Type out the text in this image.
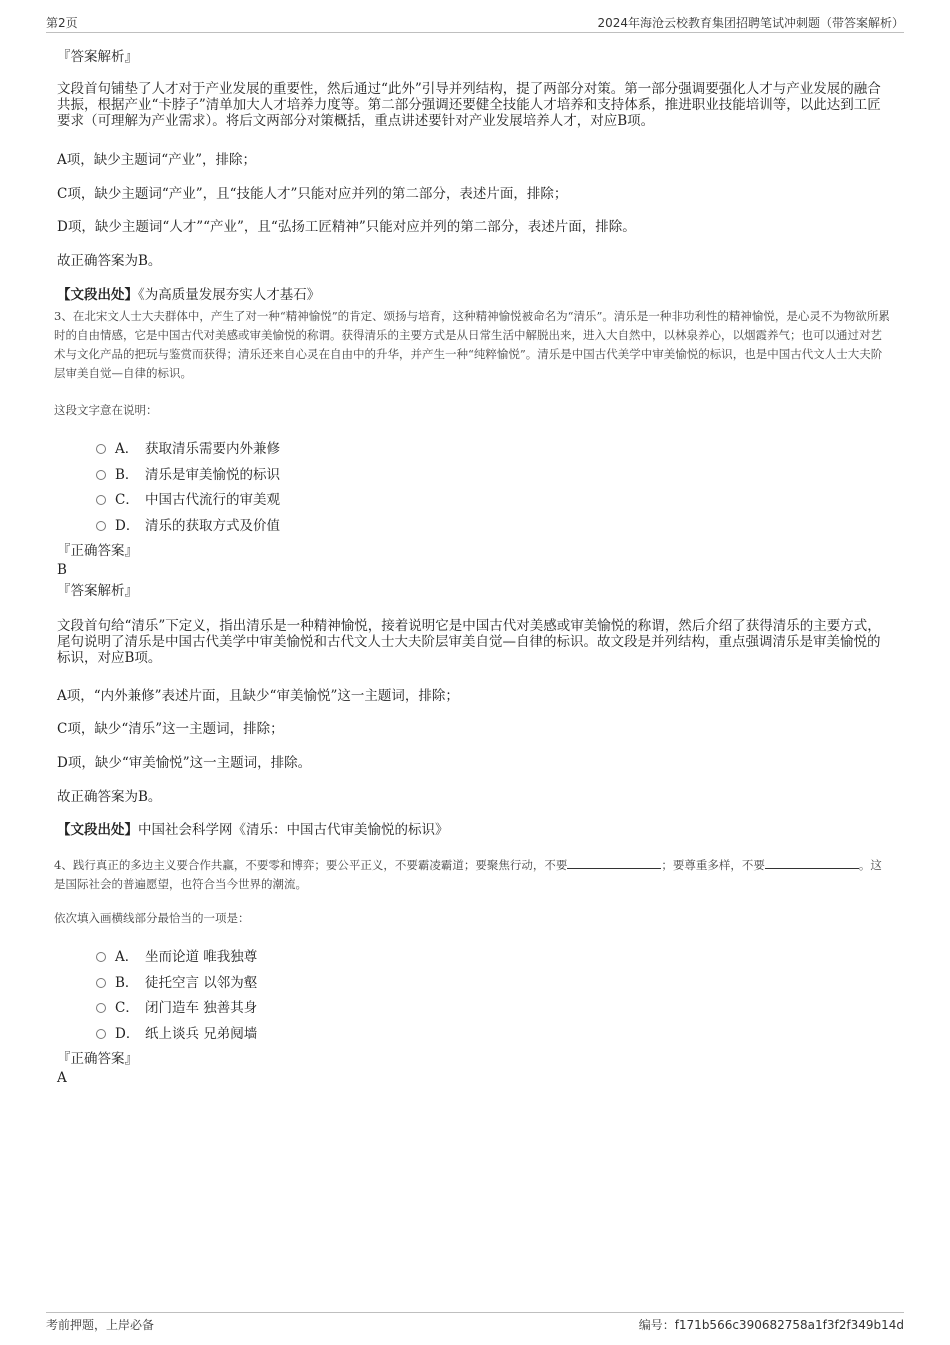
第2页	2024年海沧云校教育集团招聘笔试冲刺题（带答案解析）
『答案解析』
文段首句铺垫了人才对于产业发展的重要性，然后通过“此外”引导并列结构，提了两部分对策。第一部分强调要强化人才与产业发展的融合共振，根据产业“卡脖子”清单加大人才培养力度等。第二部分强调还要健全技能人才培养和支持体系，推进职业技能培训等，以此达到工匠要求（可理解为产业需求）。将后文两部分对策概括，重点讲述要针对产业发展培养人才，对应B项。
A项，缺少主题词“产业”，排除；
C项，缺少主题词“产业”，且“技能人才”只能对应并列的第二部分，表述片面，排除；
D项，缺少主题词“人才”“产业”，且“弘扬工匠精神”只能对应并列的第二部分，表述片面，排除。
故正确答案为B。
【文段出处】《为高质量发展夯实人才基石》
3、在北宋文人士大夫群体中，产生了对一种“精神愉悦”的肯定、颂扬与培育，这种精神愉悦被命名为“清乐”。清乐是一种非功利性的精神愉悦，是心灵不为物欲所累时的自由情感，它是中国古代对美感或审美愉悦的称谓。获得清乐的主要方式是从日常生活中解脱出来，进入大自然中，以林泉养心，以烟霞养气；也可以通过对艺术与文化产品的把玩与鉴赏而获得；清乐还来自心灵在自由中的升华，并产生一种“纯粹愉悦”。清乐是中国古代美学中审美愉悦的标识，也是中国古代文人士大夫阶层审美自觉—自律的标识。
这段文字意在说明：
A． 获取清乐需要内外兼修
B． 清乐是审美愉悦的标识
C． 中国古代流行的审美观
D． 清乐的获取方式及价值
『正确答案』
B
『答案解析』
文段首句给“清乐”下定义，指出清乐是一种精神愉悦，接着说明它是中国古代对美感或审美愉悦的称谓，然后介绍了获得清乐的主要方式，尾句说明了清乐是中国古代美学中审美愉悦和古代文人士大夫阶层审美自觉—自律的标识。故文段是并列结构，重点强调清乐是审美愉悦的标识，对应B项。
A项，“内外兼修”表述片面，且缺少“审美愉悦”这一主题词，排除；
C项，缺少“清乐”这一主题词，排除；
D项，缺少“审美愉悦”这一主题词，排除。
故正确答案为B。
【文段出处】中国社会科学网《清乐：中国古代审美愉悦的标识》
4、践行真正的多边主义要合作共赢，不要零和博弈；要公平正义，不要霸凌霸道；要聚焦行动，不要	；要尊重多样，不要	。这是国际社会的普遍愿望，也符合当今世界的潮流。
依次填入画横线部分最恰当的一项是：
A． 坐而论道 唯我独尊
B． 徒托空言 以邻为壑
C． 闭门造车 独善其身
D． 纸上谈兵 兄弟阋墙
『正确答案』
A
考前押题，上岸必备	编号：f171b566c390682758a1f3f2f349b14d
